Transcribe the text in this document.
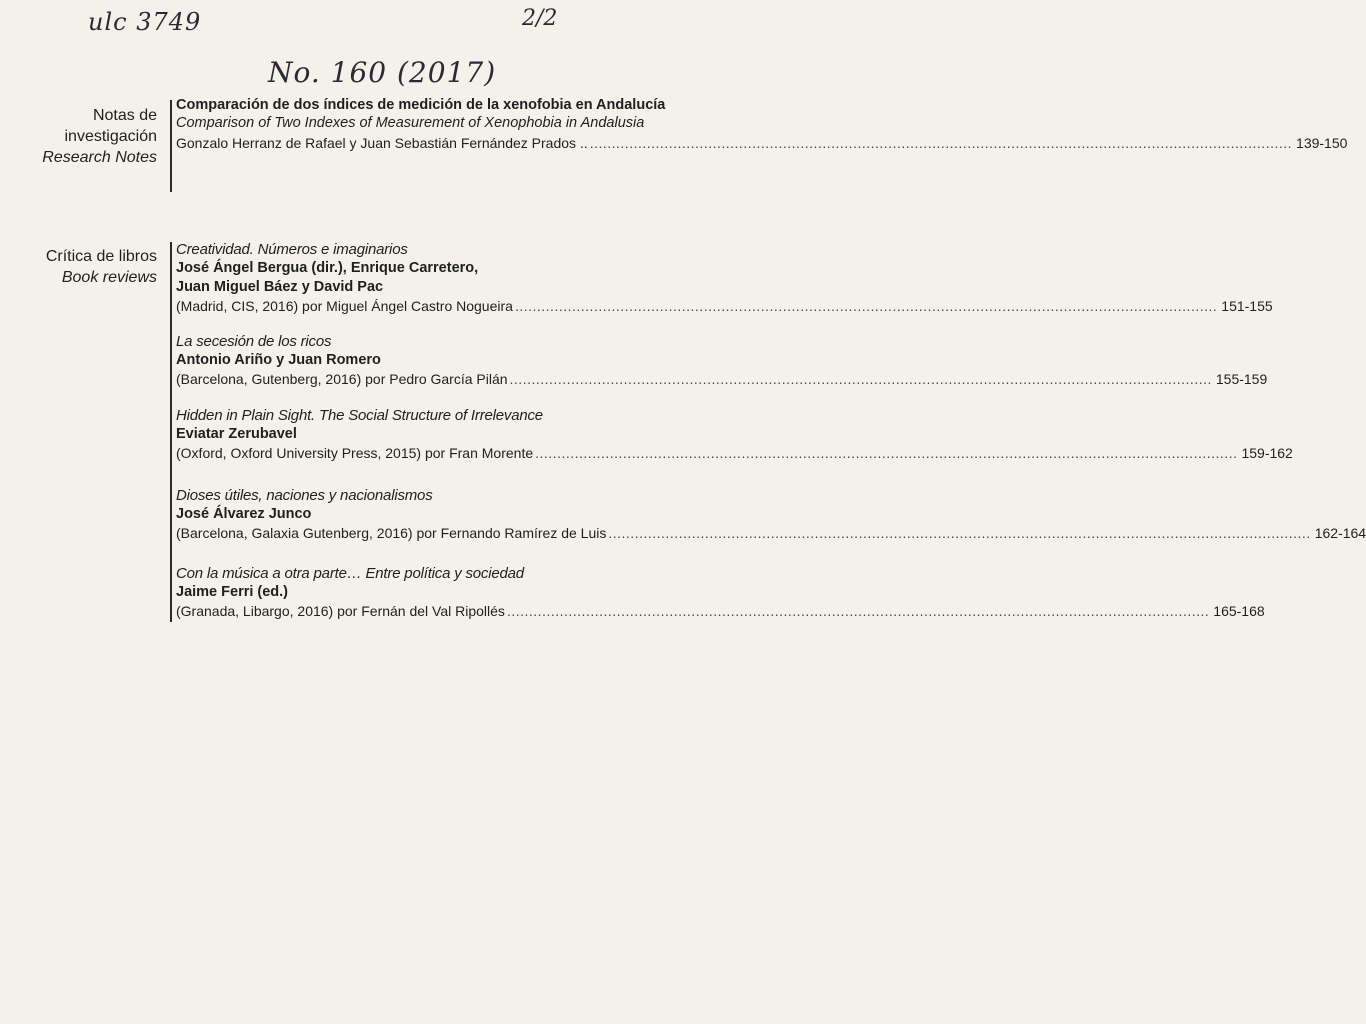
ulc 3749	2/2
No. 160 (2017)
Notas de investigación
Research Notes
Comparación de dos índices de medición de la xenofobia en Andalucía
Comparison of Two Indexes of Measurement of Xenophobia in Andalusia
Gonzalo Herranz de Rafael y Juan Sebastián Fernández Prados .. ................................................................................................................................................................ 139-150
Crítica de libros
Book reviews
Creatividad. Números e imaginarios
José Ángel Bergua (dir.), Enrique Carretero,
Juan Miguel Báez y David Pac
(Madrid, CIS, 2016) por Miguel Ángel Castro Nogueira ................................................................................................................................................................ 151-155
La secesión de los ricos
Antonio Ariño y Juan Romero
(Barcelona, Gutenberg, 2016) por Pedro García Pilán ................................................................................................................................................................ 155-159
Hidden in Plain Sight. The Social Structure of Irrelevance
Eviatar Zerubavel
(Oxford, Oxford University Press, 2015) por Fran Morente ................................................................................................................................................................ 159-162
Dioses útiles, naciones y nacionalismos
José Álvarez Junco
(Barcelona, Galaxia Gutenberg, 2016) por Fernando Ramírez de Luis ................................................................................................................................................................ 162-164
Con la música a otra parte… Entre política y sociedad
Jaime Ferri (ed.)
(Granada, Libargo, 2016) por Fernán del Val Ripollés ................................................................................................................................................................ 165-168
